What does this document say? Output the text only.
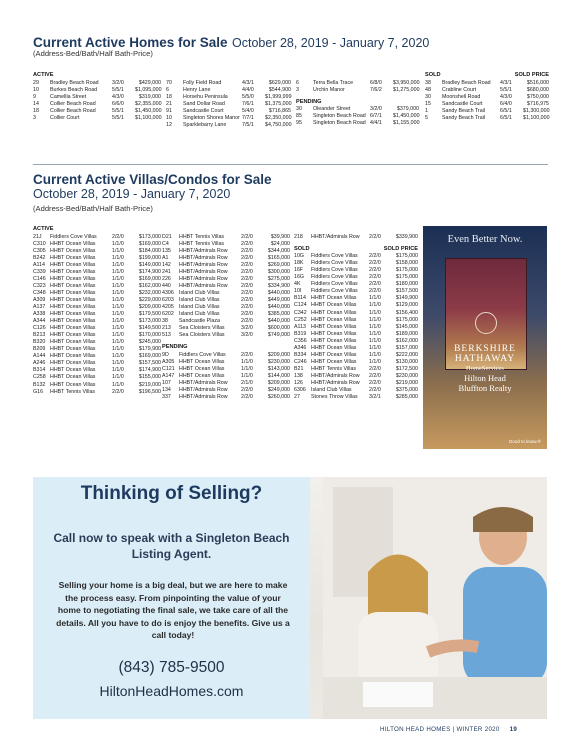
Current Active Homes for Sale October 28, 2019 - January 7, 2020
(Address-Bed/Bath/Half Bath-Price)
ACTIVE
29	Bradley Beach Road	3/2/0	$429,000
10	Burkes Beach Road	5/5/1	$1,095,000
9	Camellia Street	4/3/0	$319,000
14	Collier Beach Road	6/6/0	$2,355,000
18	Collier Beach Road	5/5/1	$1,450,000
3	Collier Court	5/5/1	$1,100,000
70	Folly Field Road	4/3/1	$629,000
6	Henry Lane	4/4/0	$544,900
18	Horsehu Peninsula	5/5/0	$1,999,999
21	Sand Dollar Road	7/6/1	$1,375,000
91	Sandcastle Court	5/4/0	$716,865
10	Singleton Shores Manor 7/7/1	$2,350,000
12	Sparklebarry Lane	7/5/1	$4,750,000
6	Terra Bella Trace	6/8/0	$3,950,000
3	Urchin Manor	7/6/2	$1,275,000
PENDING
30	Oleander Street	3/2/0	$379,000
85	Singleton Beach Road 6/7/1	$1,450,000
95	Singleton Beach Road 4/4/1	$1,155,000
SOLD	SOLD PRICE
38	Bradley Beach Road	4/3/1	$516,000
48	Crabline Court	5/5/1	$680,000
30	Moonshell Road	4/3/0	$750,000
15	Sandcastle Court	6/4/0	$716,975
1	Sandy Beach Trail	6/5/1	$1,300,000
5	Sandy Beach Trail	6/5/1	$1,100,000
Current Active Villas/Condos for Sale
October 28, 2019 - January 7, 2020
(Address-Bed/Bath/Half Bath-Price)
ACTIVE
21J	Fiddlers Cove Villas	2/2/0	$173,000
C310 HHBT Ocean Villas	1/1/0	$169,000
C305 HHBT Ocean Villas	1/1/0	$184,000
B242 HHBT Ocean Villas	1/1/0	$199,000
A114 HHBT Ocean Villas	1/1/0	$149,000
C339 HHBT Ocean Villas	1/1/0	$174,900
C146 HHBT Ocean Villas	1/1/0	$169,000
C323 HHBT Ocean Villas	1/1/0	$162,000
C348 HHBT Ocean Villas	1/1/0	$232,000
A309 HHBT Ocean Villas	1/1/0	$229,000
A137 HHBT Ocean Villas	1/1/0	$209,000
A338 HHBT Ocean Villas	1/1/0	$179,500
A344 HHBT Ocean Villas	1/1/0	$173,000
C126 HHBT Ocean Villas	1/1/0	$149,500
B213 HHBT Ocean Villas	1/1/0	$170,000
B320 HHBT Ocean Villas	1/1/0	$245,000
B209 HHBT Ocean Villas	1/1/0	$179,900
A144 HHBT Ocean Villas	1/1/0	$169,000
A246 HHBT Ocean Villas	1/1/0	$157,500
B314 HHBT Ocean Villas	1/1/0	$174,900
C258 HHBT Ocean Villas	1/1/0	$155,000
B132 HHBT Ocean Villas	1/1/0	$219,000
G16	HHBT Tennis Villas	2/2/0	$196,500
D21	HHBT Tennis Villas	2/2/0	$39,900
C4	HHBT Tennis Villas	2/2/0	$24,000
135	HHBT/Admirals Row	2/2/0	$344,000
A1	HHBT/Admirals Row	2/2/0	$165,000
142	HHBT/Admirals Row	2/2/0	$269,000
241	HHBT/Admirals Row	2/2/0	$300,000
226	HHBT/Admirals Row	2/2/0	$275,000
440	HHBT/Admirals Row	2/2/0	$334,900
4306 Island Club Villas	2/2/0	$440,000
6203 Island Club Villas	2/2/0	$449,000
4205 Island Club Villas	2/2/0	$440,000
6202 Island Club Villas	2/2/0	$385,000
38	Sandcastle Plaza	2/2/0	$440,000
213	Sea Cloisters Villas	3/2/0	$600,000
513	Sea Cloisters Villas	3/2/0	$749,000
PENDING
9D	Fiddlers Cove Villas	2/2/0	$209,000
A305 HHBT Ocean Villas	1/1/0	$230,000
C121 HHBT Ocean Villas	1/1/0	$143,000
A147 HHBT Ocean Villas	1/1/0	$144,000
107	HHBT/Admirals Row	2/1/0	$209,000
134	HHBT/Admirals Row	2/2/0	$249,000
337	HHBT/Admirals Row	2/2/0	$260,000
218	HHBT/Admirals Row	2/2/0	$339,900
SOLD	SOLD PRICE
10G	Fiddlers Cove Villas	2/2/0	$175,000
18K	Fiddlers Cove Villas	2/2/0	$158,000
16F	Fiddlers Cove Villas	2/2/0	$175,000
16G	Fiddlers Cove Villas	2/2/0	$175,000
4K	Fiddlers Cove Villas	2/2/0	$180,000
10I	Fiddlers Cove Villas	2/2/0	$157,500
B114 HHBT Ocean Villas	1/1/0	$149,900
C124 HHBT Ocean Villas	1/1/0	$129,000
C342 HHBT Ocean Villas	1/1/0	$156,400
C252 HHBT Ocean Villas	1/1/0	$175,000
A113 HHBT Ocean Villas	1/1/0	$145,000
B319 HHBT Ocean Villas	1/1/0	$189,000
C356 HHBT Ocean Villas	1/1/0	$162,000
A346 HHBT Ocean Villas	1/1/0	$157,000
B334 HHBT Ocean Villas	1/1/0	$222,000
C246 HHBT Ocean Villas	1/1/0	$130,000
B21	HHBT Tennis Villas	2/2/0	$172,500
138	HHBT/Admirals Row	2/2/0	$230,000
126	HHBT/Admirals Row	2/2/0	$219,000
6306 Island Club Villas	2/2/0	$375,000
27	Stones Throw Villas	3/2/1	$285,000
Even Better Now.
BERKSHIRE
HATHAWAY
HomeServices
Hilton Head
Bluffton Realty
Good to know.®
Thinking of Selling?
Call now to speak with a Singleton Beach Listing Agent.
Selling your home is a big deal, but we are here to make the process easy. From pinpointing the value of your home to negotiating the final sale, we take care of all the details. All you have to do is enjoy the benefits. Give us a call today!
(843) 785-9500
HiltonHeadHomes.com
HILTON HEAD HOMES | WINTER 2020 19
